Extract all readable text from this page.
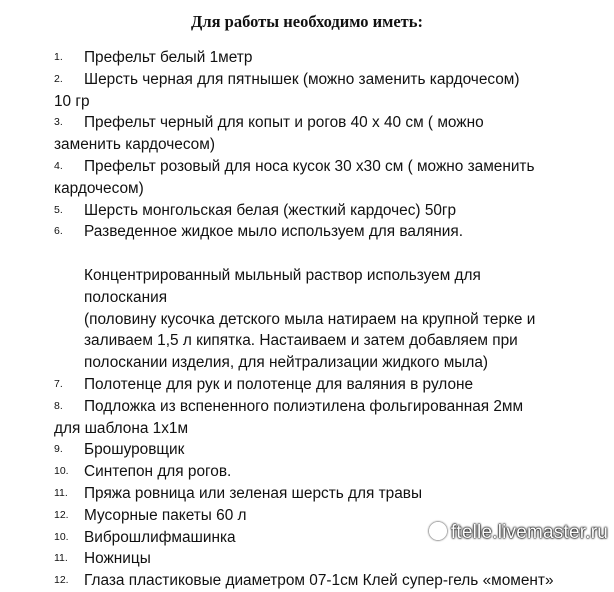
Для работы необходимо иметь:
1. Префельт белый 1метр
2. Шерсть черная для пятнышек (можно заменить кардочесом)
10 гр
3. Префельт черный для копыт и рогов 40 х 40 см ( можно
заменить кардочесом)
4. Префельт розовый для носа кусок 30 х30 см ( можно заменить
кардочесом)
5. Шерсть монгольская белая (жесткий кардочес) 50гр
6. Разведенное жидкое мыло используем для валяния.
Концентрированный мыльный раствор используем для
полоскания
(половину кусочка детского мыла натираем на крупной терке и
заливаем 1,5 л кипятка. Настаиваем и затем добавляем при
полоскании изделия, для нейтрализации жидкого мыла)
7. Полотенце для рук и полотенце для валяния в рулоне
8. Подложка из вспененного полиэтилена фольгированная 2мм
для шаблона 1х1м
9. Брошуровщик
10. Синтепон для рогов.
11. Пряжа ровница или зеленая шерсть для травы
12. Мусорные пакеты 60 л
10. Виброшлифмашинка
11. Ножницы
12. Глаза пластиковые диаметром 07-1см Клей супер-гель «момент»
ftelle.livemaster.ru
